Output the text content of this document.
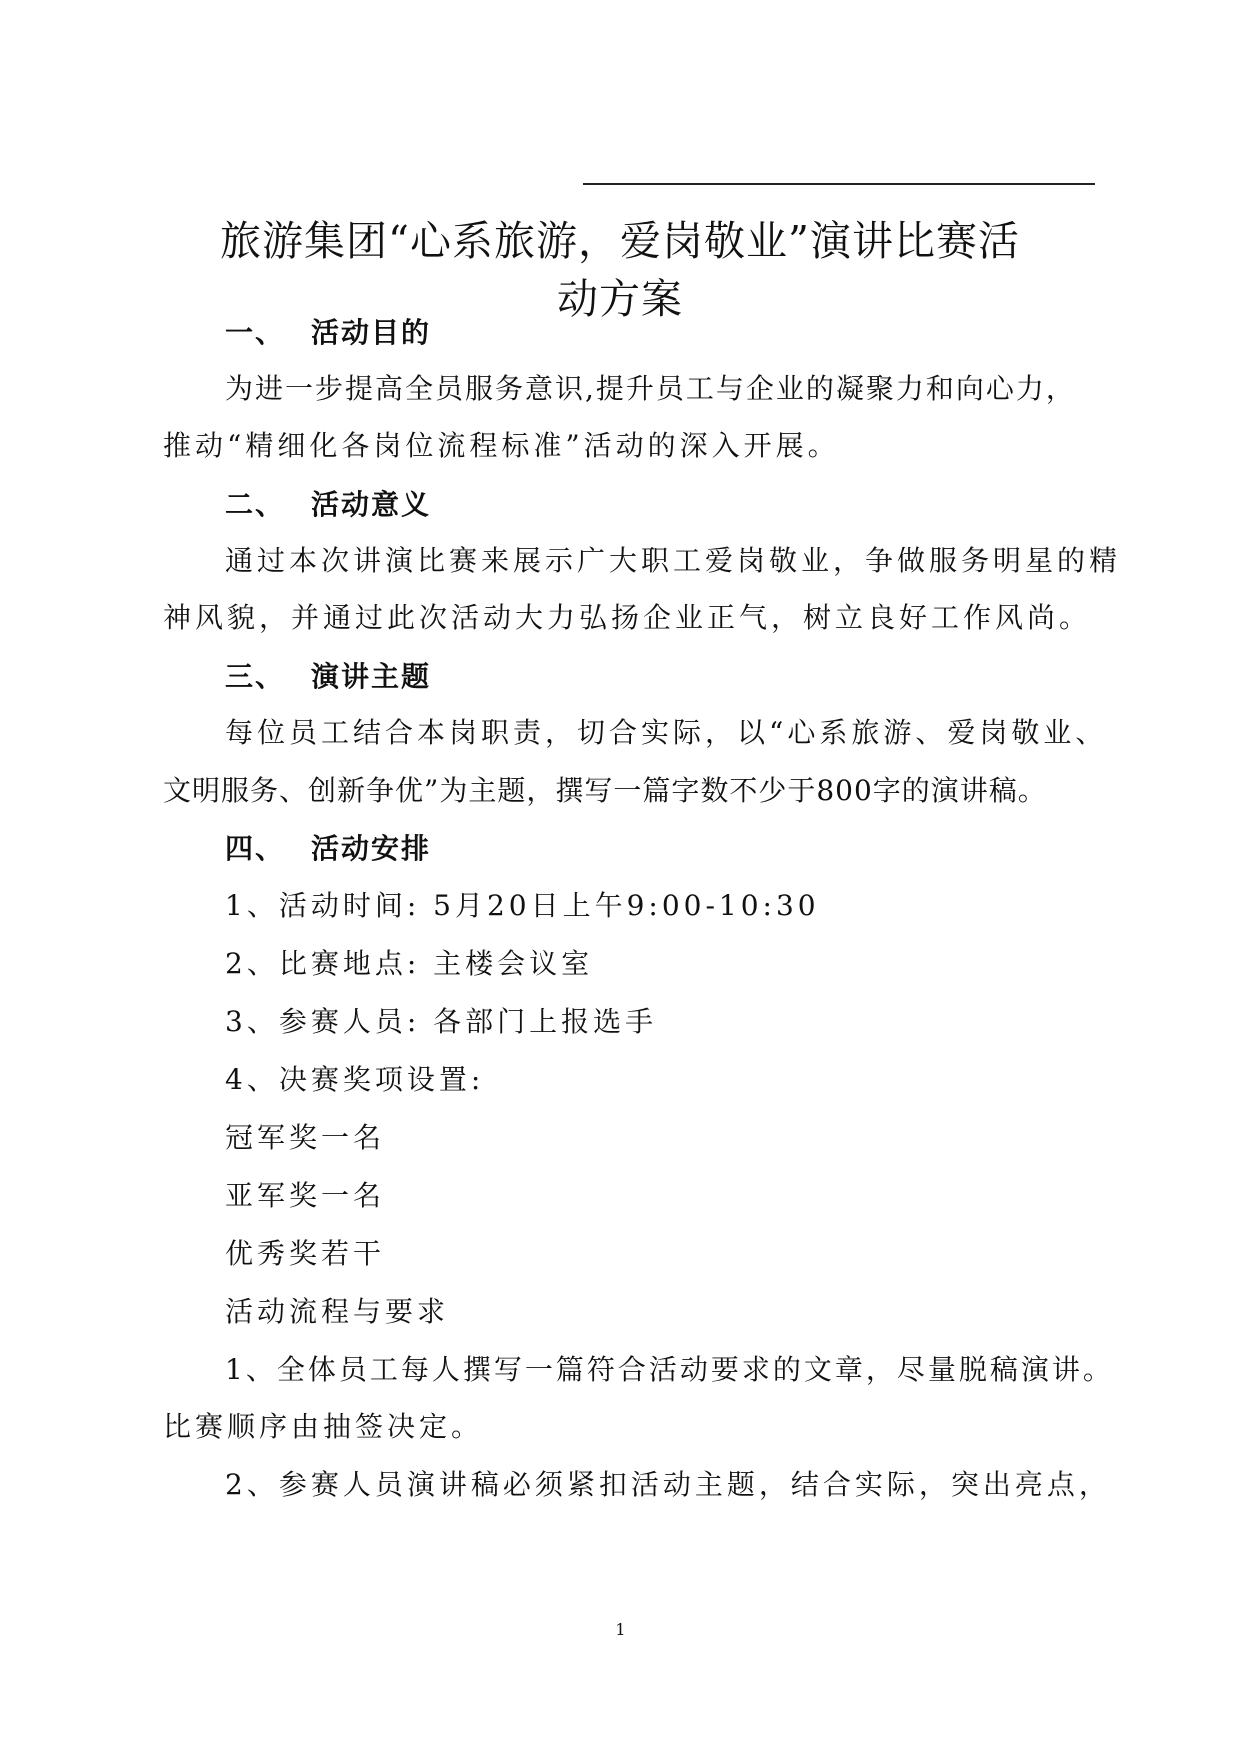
旅游集团“心系旅游，爱岗敬业”演讲比赛活
动方案
一、 活动目的
为进一步提高全员服务意识,提升员工与企业的凝聚力和向心力，
推动“精细化各岗位流程标准”活动的深入开展。
二、 活动意义
通过本次讲演比赛来展示广大职工爱岗敬业，争做服务明星的精
神风貌，并通过此次活动大力弘扬企业正气，树立良好工作风尚。
三、 演讲主题
每位员工结合本岗职责，切合实际，以“心系旅游、爱岗敬业、
文明服务、创新争优”为主题，撰写一篇字数不少于800字的演讲稿。
四、 活动安排
1、活动时间: 5月20日上午9:00-10:30
2、比赛地点: 主楼会议室
3、参赛人员: 各部门上报选手
4、决赛奖项设置:
冠军奖一名
亚军奖一名
优秀奖若干
活动流程与要求
1、全体员工每人撰写一篇符合活动要求的文章，尽量脱稿演讲。
比赛顺序由抽签决定。
2、参赛人员演讲稿必须紧扣活动主题，结合实际，突出亮点，
1
